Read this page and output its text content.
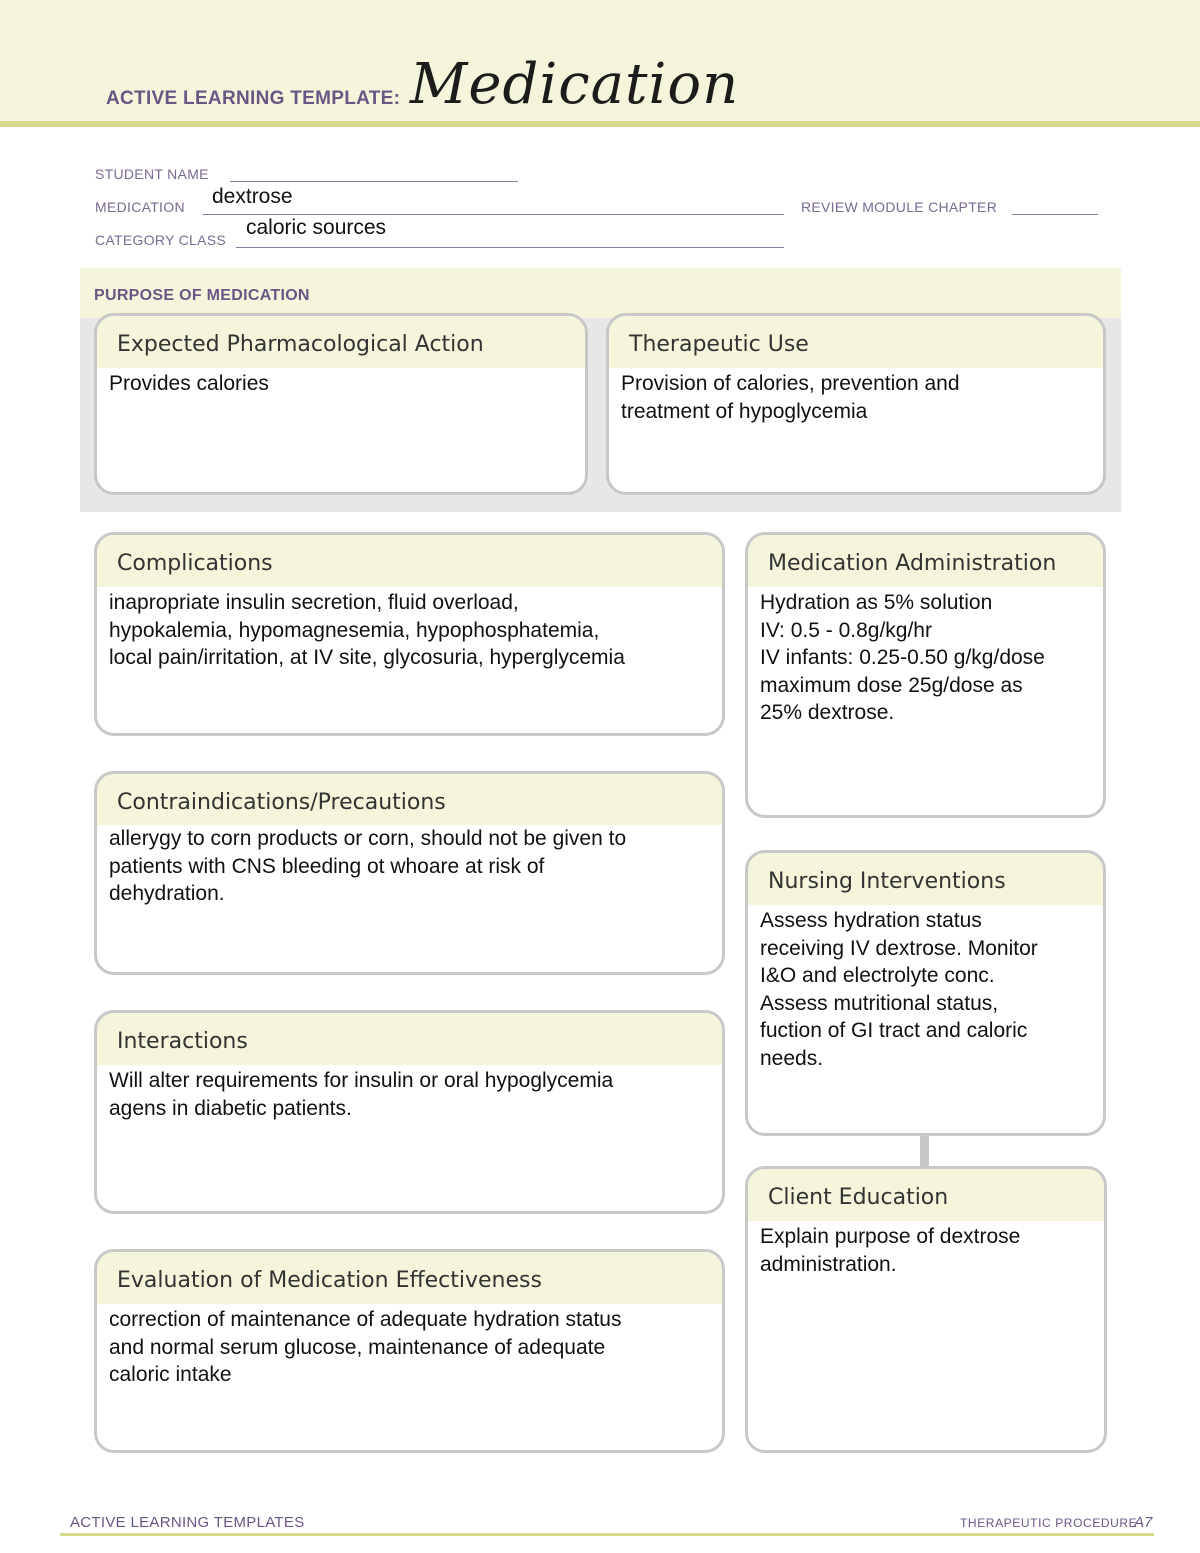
ACTIVE LEARNING TEMPLATE: Medication
STUDENT NAME
MEDICATION dextrose	REVIEW MODULE CHAPTER
CATEGORY CLASS
caloric sources
PURPOSE OF MEDICATION
Expected Pharmacological Action
Provides calories
Therapeutic Use
Provision of calories, prevention and
treatment of hypoglycemia
Complications
inapropriate insulin secretion, fluid overload,
hypokalemia, hypomagnesemia, hypophosphatemia,
local pain/irritation, at IV site, glycosuria, hyperglycemia
Contraindications/Precautions
allerygy to corn products or corn, should not be given to
patients with CNS bleeding ot whoare at risk of
dehydration.
Interactions
Will alter requirements for insulin or oral hypoglycemia
agens in diabetic patients.
Evaluation of Medication Effectiveness
correction of maintenance of adequate hydration status
and normal serum glucose, maintenance of adequate
caloric intake
Medication Administration
Hydration as 5% solution
IV: 0.5 - 0.8g/kg/hr
IV infants: 0.25-0.50 g/kg/dose
maximum dose 25g/dose as
25% dextrose.
Nursing Interventions
Assess hydration status
receiving IV dextrose. Monitor
I&O and electrolyte conc.
Assess mutritional status,
fuction of GI tract and caloric
needs.
Client Education
Explain purpose of dextrose
administration.
ACTIVE LEARNING TEMPLATES	THERAPEUTIC PROCEDURE
A7
